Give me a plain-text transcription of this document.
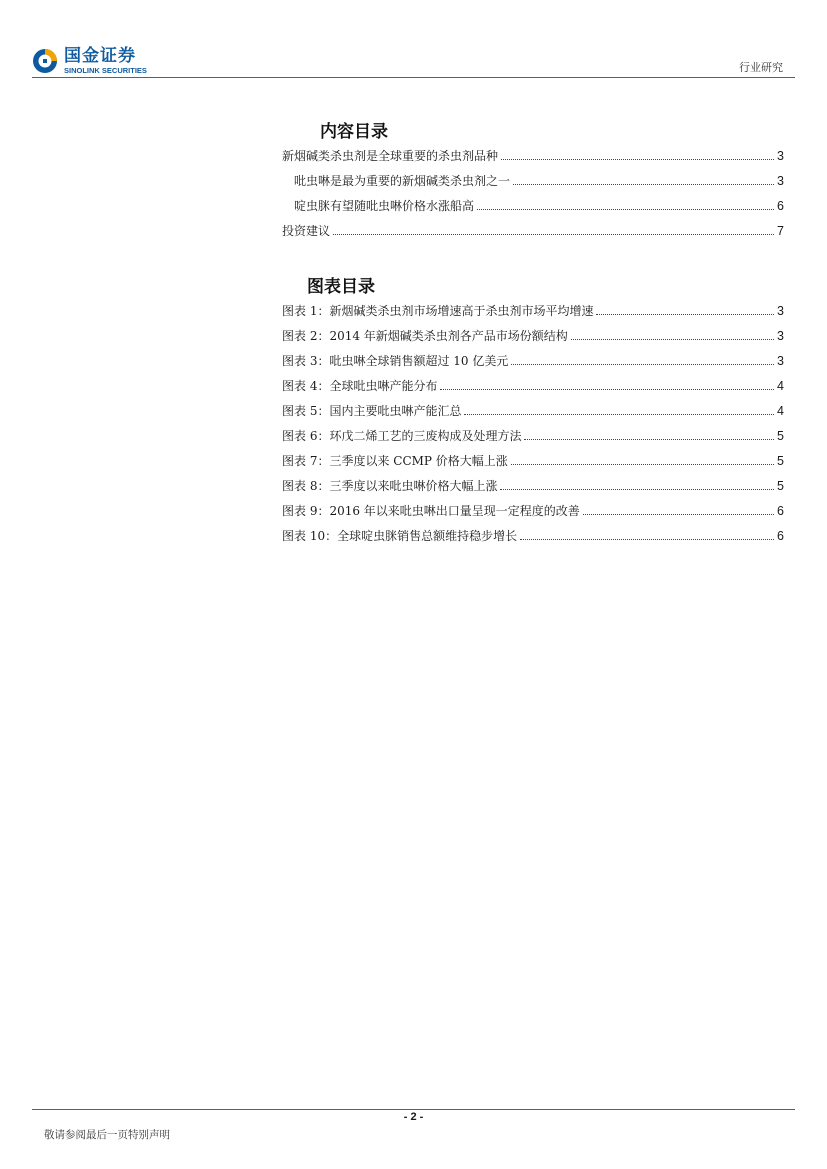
国金证券
SINOLINK SECURITIES	行业研究
内容目录
新烟碱类杀虫剂是全球重要的杀虫剂品种	3
吡虫啉是最为重要的新烟碱类杀虫剂之一	3
啶虫脒有望随吡虫啉价格水涨船高	6
投资建议	7
图表目录
图表 1：新烟碱类杀虫剂市场增速高于杀虫剂市场平均增速	3
图表 2：2014 年新烟碱类杀虫剂各产品市场份额结构	3
图表 3：吡虫啉全球销售额超过 10 亿美元	3
图表 4：全球吡虫啉产能分布	4
图表 5：国内主要吡虫啉产能汇总	4
图表 6：环戊二烯工艺的三废构成及处理方法	5
图表 7：三季度以来 CCMP 价格大幅上涨	5
图表 8：三季度以来吡虫啉价格大幅上涨	5
图表 9：2016 年以来吡虫啉出口量呈现一定程度的改善	6
图表 10：全球啶虫脒销售总额维持稳步增长	6
- 2 -
敬请参阅最后一页特别声明
